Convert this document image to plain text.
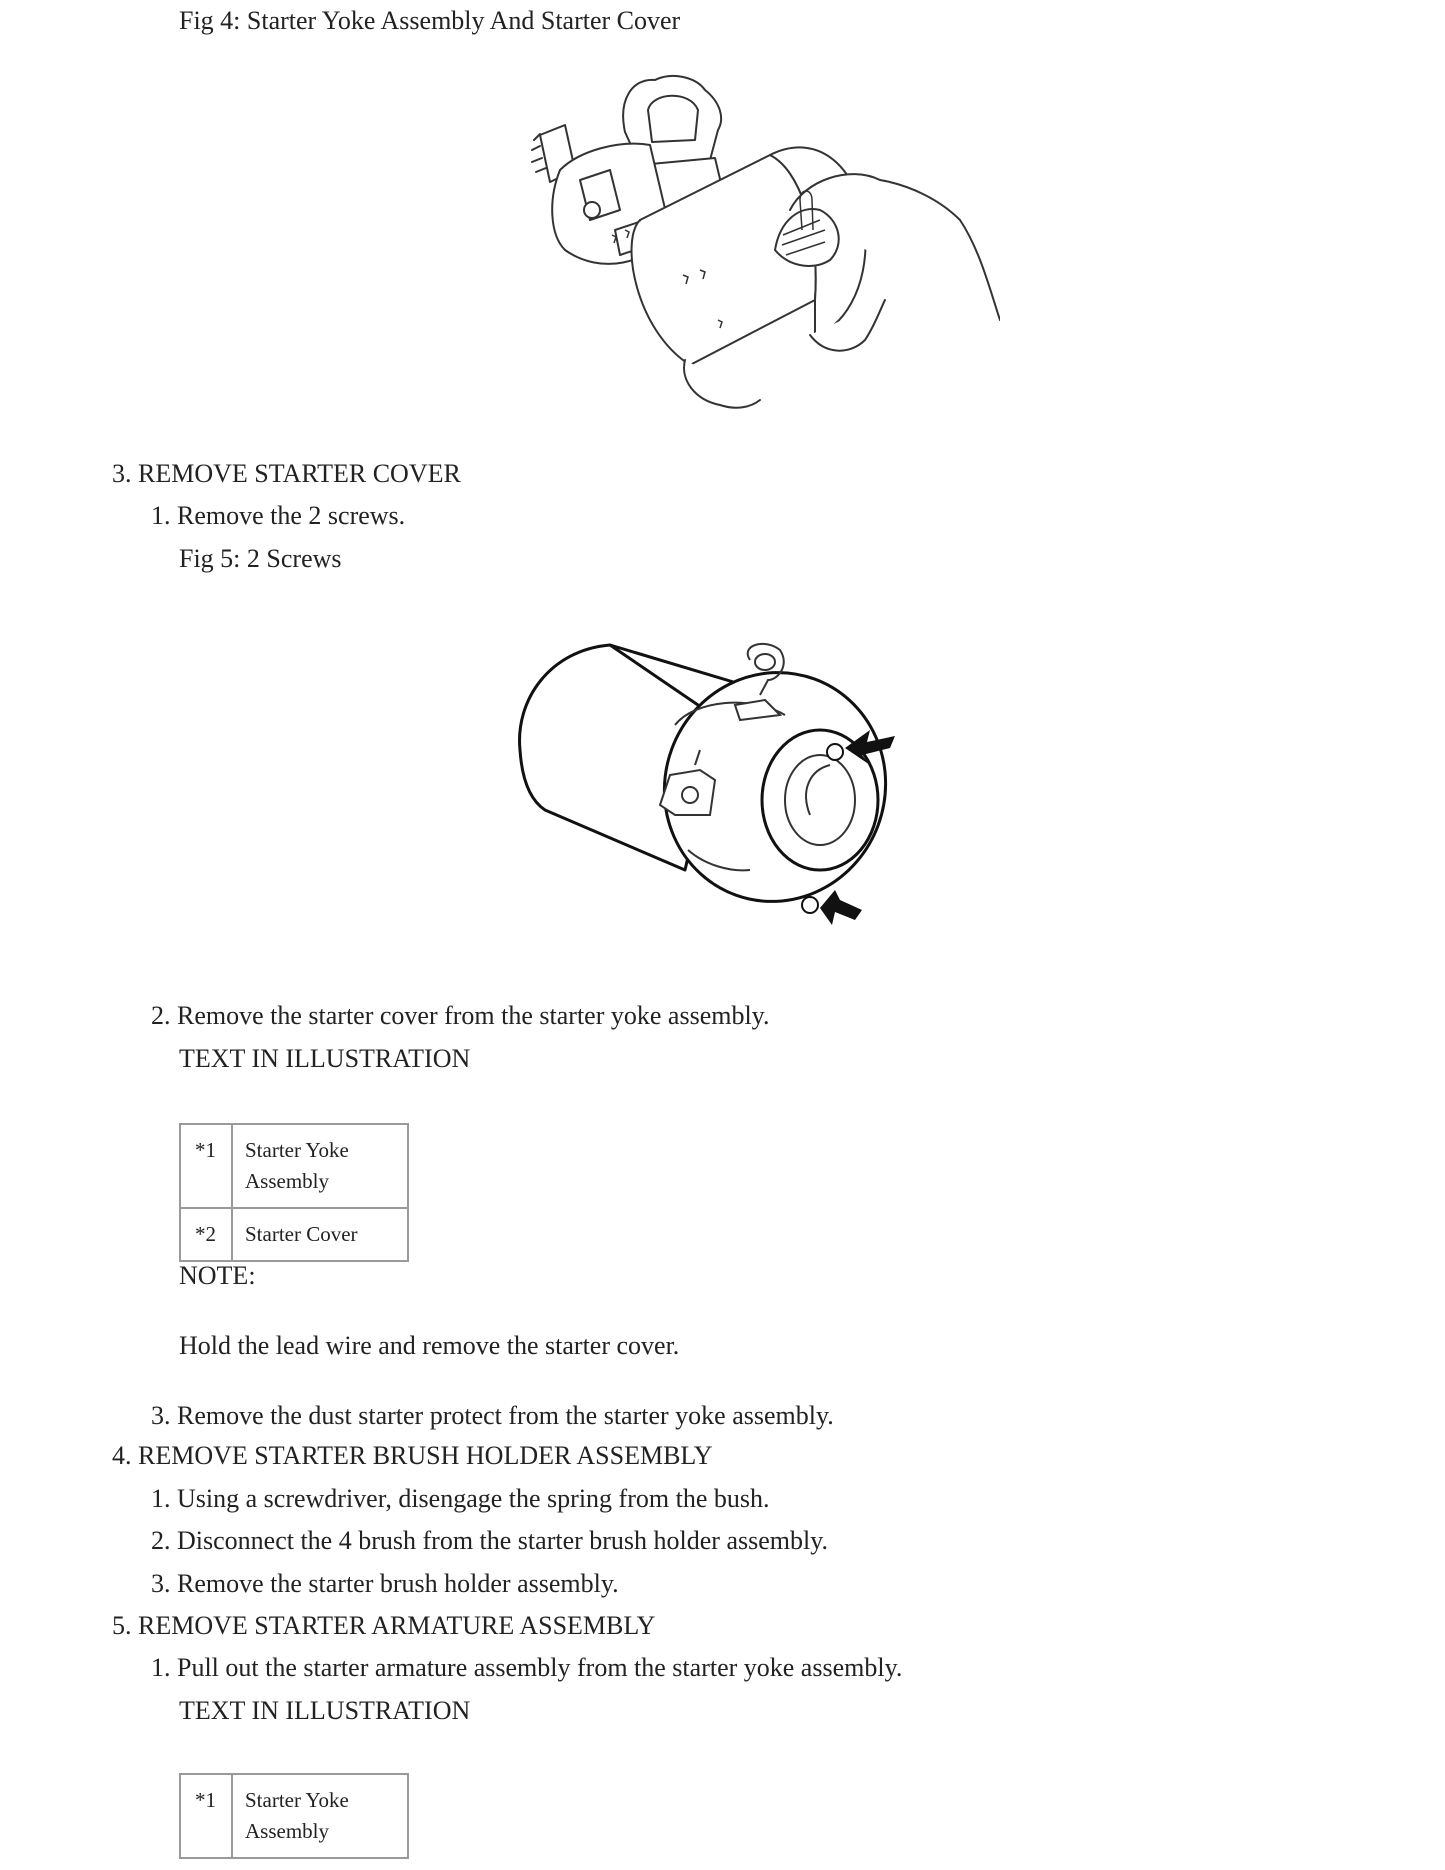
Fig 4: Starter Yoke Assembly And Starter Cover
3. REMOVE STARTER COVER
1. Remove the 2 screws.
Fig 5: 2 Screws
2. Remove the starter cover from the starter yoke assembly.
TEXT IN ILLUSTRATION
*1	Starter Yoke Assembly
*2	Starter Cover
NOTE:
Hold the lead wire and remove the starter cover.
3. Remove the dust starter protect from the starter yoke assembly.
4. REMOVE STARTER BRUSH HOLDER ASSEMBLY
1. Using a screwdriver, disengage the spring from the bush.
2. Disconnect the 4 brush from the starter brush holder assembly.
3. Remove the starter brush holder assembly.
5. REMOVE STARTER ARMATURE ASSEMBLY
1. Pull out the starter armature assembly from the starter yoke assembly.
TEXT IN ILLUSTRATION
*1	Starter Yoke Assembly
